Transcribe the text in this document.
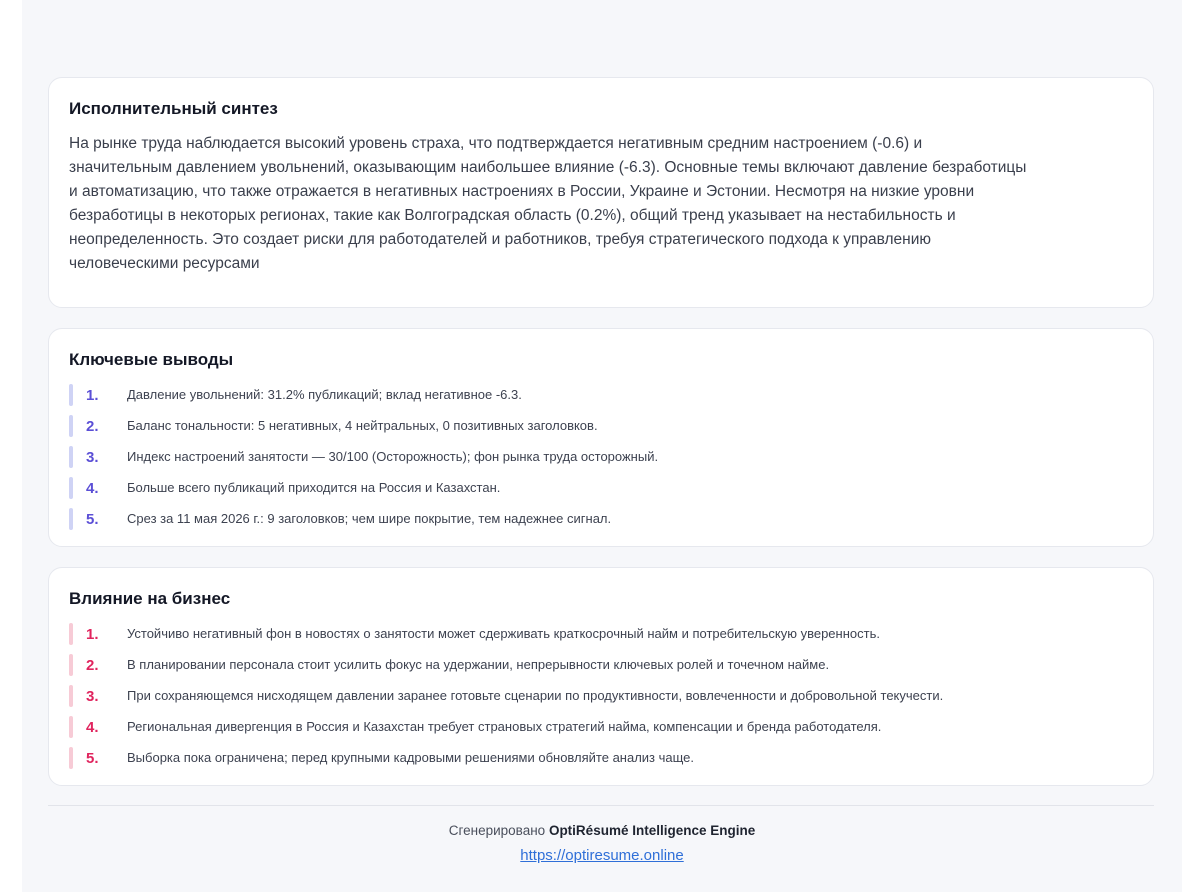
Исполнительный синтез

На рынке труда наблюдается высокий уровень страха, что подтверждается негативным средним настроением (-0.6) и
значительным давлением увольнений, оказывающим наибольшее влияние (-6.3). Основные темы включают давление безработицы
и автоматизацию, что также отражается в негативных настроениях в России, Украине и Эстонии. Несмотря на низкие уровни
безработицы в некоторых регионах, такие как Волгоградская область (0.2%), общий тренд указывает на нестабильность и
неопределенность. Это создает риски для работодателей и работников, требуя стратегического подхода к управлению
человеческими ресурсами

Ключевые выводы
1. Давление увольнений: 31.2% публикаций; вклад негативное -6.3.
2. Баланс тональности: 5 негативных, 4 нейтральных, 0 позитивных заголовков.
3. Индекс настроений занятости — 30/100 (Осторожность); фон рынка труда осторожный.
4. Больше всего публикаций приходится на Россия и Казахстан.
5. Срез за 11 мая 2026 г.: 9 заголовков; чем шире покрытие, тем надежнее сигнал.
Влияние на бизнес
1. Устойчиво негативный фон в новостях о занятости может сдерживать краткосрочный найм и потребительскую уверенность.
2. В планировании персонала стоит усилить фокус на удержании, непрерывности ключевых ролей и точечном найме.
3. При сохраняющемся нисходящем давлении заранее готовьте сценарии по продуктивности, вовлеченности и добровольной текучести.
4. Региональная дивергенция в Россия и Казахстан требует страновых стратегий найма, компенсации и бренда работодателя.
5. Выборка пока ограничена; перед крупными кадровыми решениями обновляйте анализ чаще.
Сгенерировано OptiRésumé Intelligence Engine
https://optiresume.online
